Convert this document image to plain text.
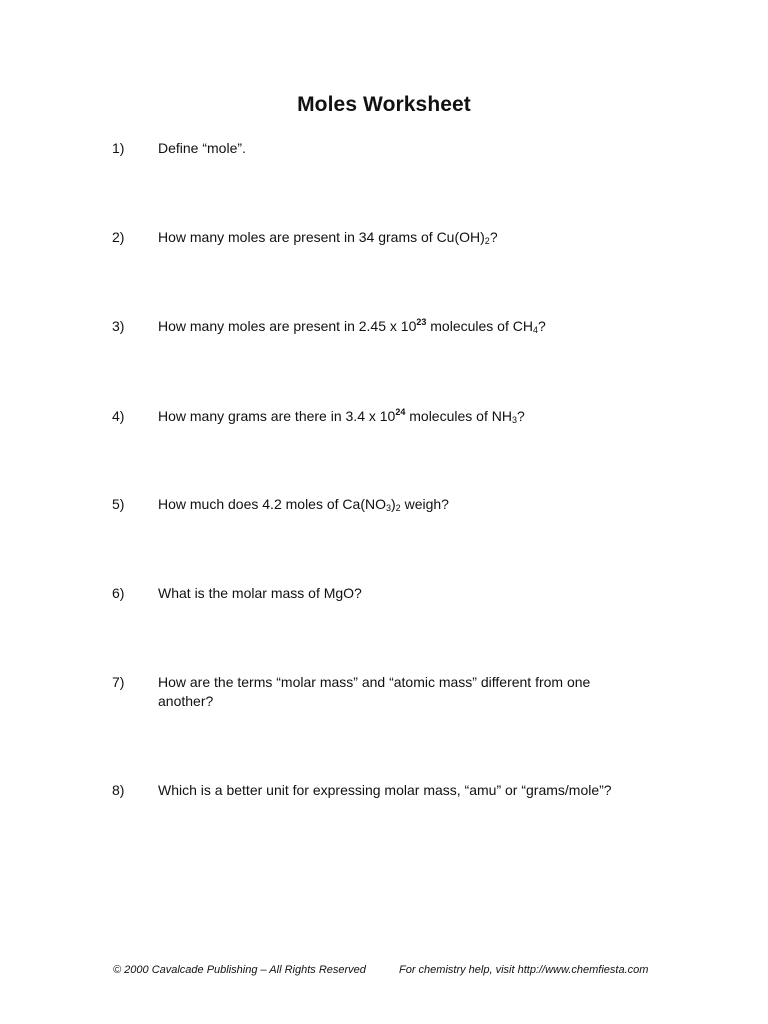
Moles Worksheet
1) Define “mole”.
2) How many moles are present in 34 grams of $Cu(OH)_2$?
3) How many moles are present in 2.45 x $10^{23}$ molecules of $CH_4$?
4) How many grams are there in 3.4 x $10^{24}$ molecules of $NH_3$?
5) How much does 4.2 moles of $Ca(NO_3)_2$ weigh?
6) What is the molar mass of MgO?
7) How are the terms “molar mass” and “atomic mass” different from one another?
8) Which is a better unit for expressing molar mass, “amu” or “grams/mole”?
© 2000 Cavalcade Publishing – All Rights Reserved	For chemistry help, visit http://www.chemfiesta.com
